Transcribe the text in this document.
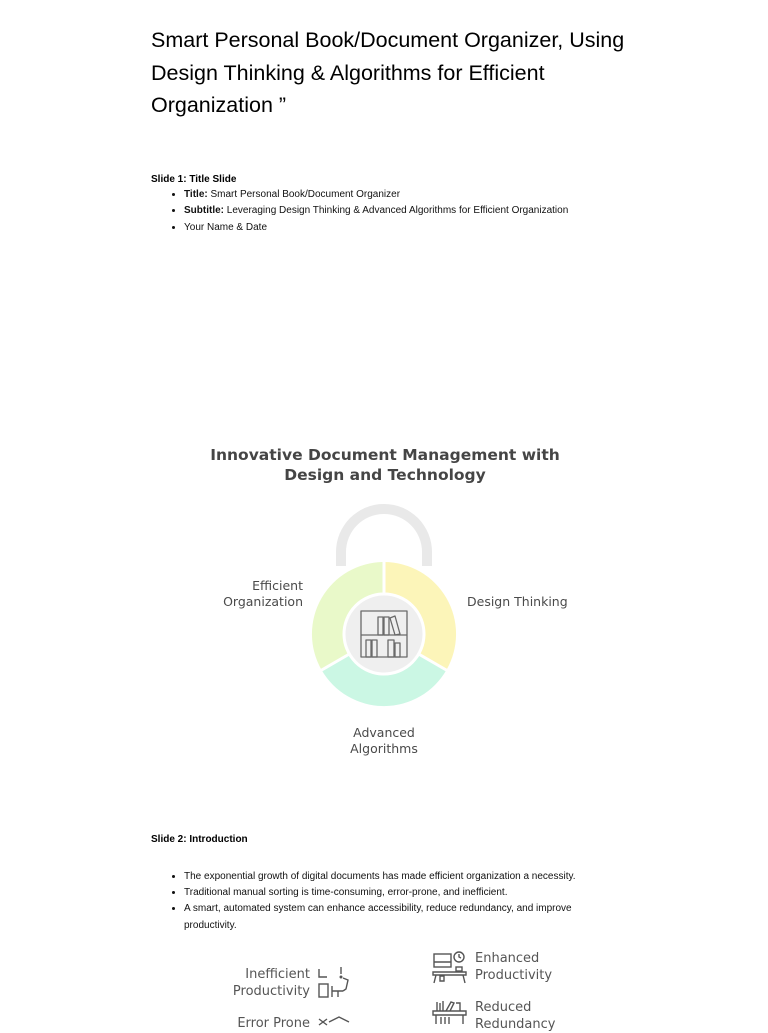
Smart Personal Book/Document Organizer, Using Design Thinking & Algorithms for Efficient Organization ”
Slide 1: Title Slide
• Title: Smart Personal Book/Document Organizer
• Subtitle: Leveraging Design Thinking & Advanced Algorithms for Efficient Organization
• Your Name & Date
Innovative Document Management with Design and Technology
Efficient Organization	Design Thinking
Advanced Algorithms
Slide 2: Introduction
• The exponential growth of digital documents has made efficient organization a necessity.
• Traditional manual sorting is time-consuming, error-prone, and inefficient.
• A smart, automated system can enhance accessibility, reduce redundancy, and improve productivity.
Inefficient Productivity
Error Prone
Enhanced Productivity
Reduced Redundancy
